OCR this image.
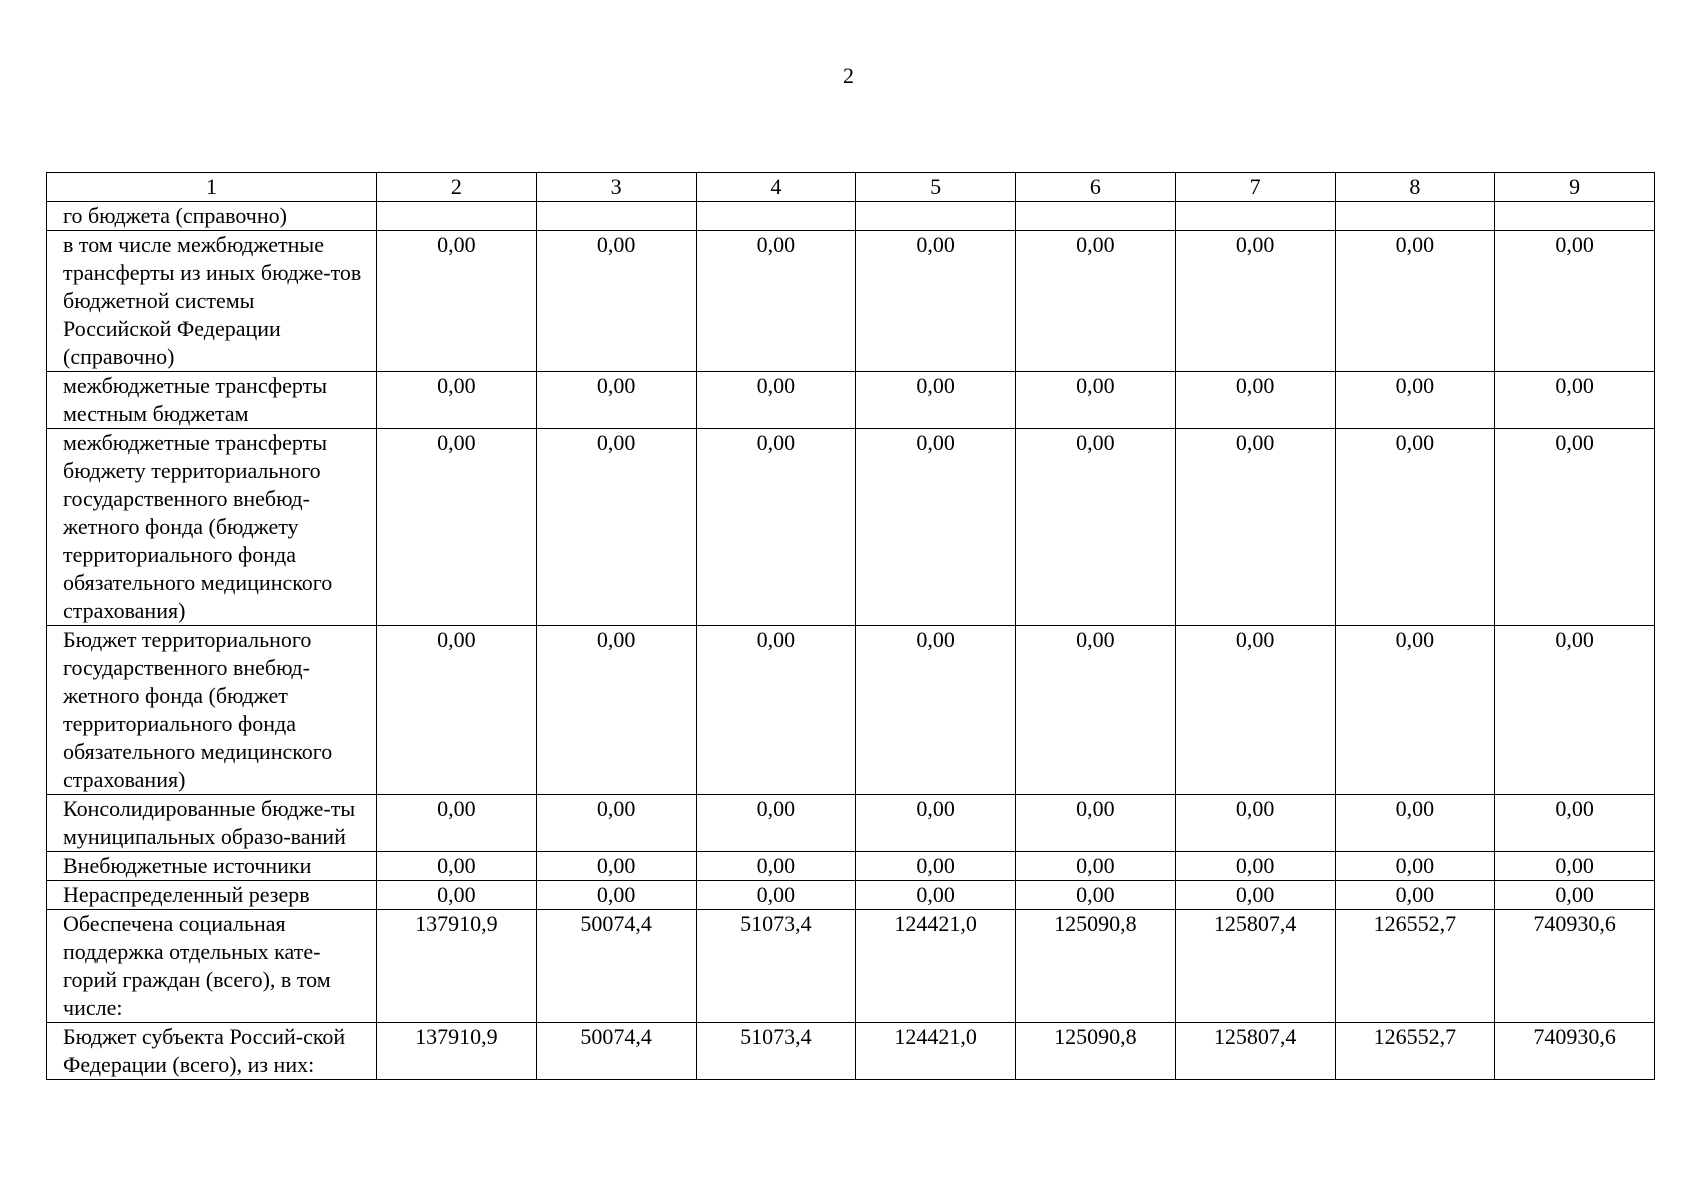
2
1	2	3	4	5	6	7	8	9
го бюджета (справочно)								
в том числе межбюджетные трансферты из иных бюдже-тов бюджетной системы Российской Федерации (справочно)	0,00	0,00	0,00	0,00	0,00	0,00	0,00	0,00
межбюджетные трансферты местным бюджетам	0,00	0,00	0,00	0,00	0,00	0,00	0,00	0,00
межбюджетные трансферты бюджету территориального государственного внебюд-жетного фонда (бюджету территориального фонда обязательного медицинского страхования)	0,00	0,00	0,00	0,00	0,00	0,00	0,00	0,00
Бюджет территориального государственного внебюд-жетного фонда (бюджет территориального фонда обязательного медицинского страхования)	0,00	0,00	0,00	0,00	0,00	0,00	0,00	0,00
Консолидированные бюдже-ты муниципальных образо-ваний	0,00	0,00	0,00	0,00	0,00	0,00	0,00	0,00
Внебюджетные источники	0,00	0,00	0,00	0,00	0,00	0,00	0,00	0,00
Нераспределенный резерв	0,00	0,00	0,00	0,00	0,00	0,00	0,00	0,00
Обеспечена социальная поддержка отдельных кате-горий граждан (всего), в том числе:	137910,9	50074,4	51073,4	124421,0	125090,8	125807,4	126552,7	740930,6
Бюджет субъекта Россий-ской Федерации (всего), из них:	137910,9	50074,4	51073,4	124421,0	125090,8	125807,4	126552,7	740930,6
